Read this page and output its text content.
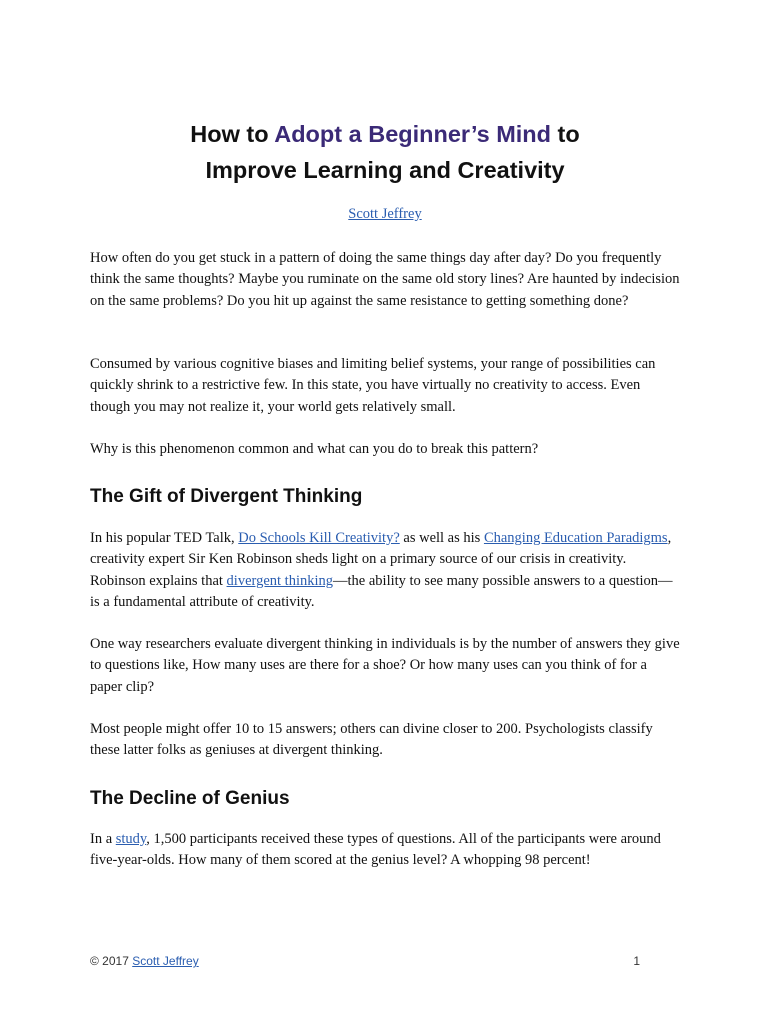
How to Adopt a Beginner’s Mind to
Improve Learning and Creativity
Scott Jeffrey

How often do you get stuck in a pattern of doing the same things day after day? Do you frequently think the same thoughts? Maybe you ruminate on the same old story lines? Are haunted by indecision on the same problems? Do you hit up against the same resistance to getting something done?

Consumed by various cognitive biases and limiting belief systems, your range of possibilities can quickly shrink to a restrictive few. In this state, you have virtually no creativity to access. Even though you may not realize it, your world gets relatively small.

Why is this phenomenon common and what can you do to break this pattern?

The Gift of Divergent Thinking

In his popular TED Talk, Do Schools Kill Creativity? as well as his Changing Education Paradigms, creativity expert Sir Ken Robinson sheds light on a primary source of our crisis in creativity. Robinson explains that divergent thinking—the ability to see many possible answers to a question—is a fundamental attribute of creativity.

One way researchers evaluate divergent thinking in individuals is by the number of answers they give to questions like, How many uses are there for a shoe? Or how many uses can you think of for a paper clip?

Most people might offer 10 to 15 answers; others can divine closer to 200. Psychologists classify these latter folks as geniuses at divergent thinking.

The Decline of Genius

In a study, 1,500 participants received these types of questions. All of the participants were around five-year-olds. How many of them scored at the genius level? A whopping 98 percent!

© 2017 Scott Jeffrey	1
